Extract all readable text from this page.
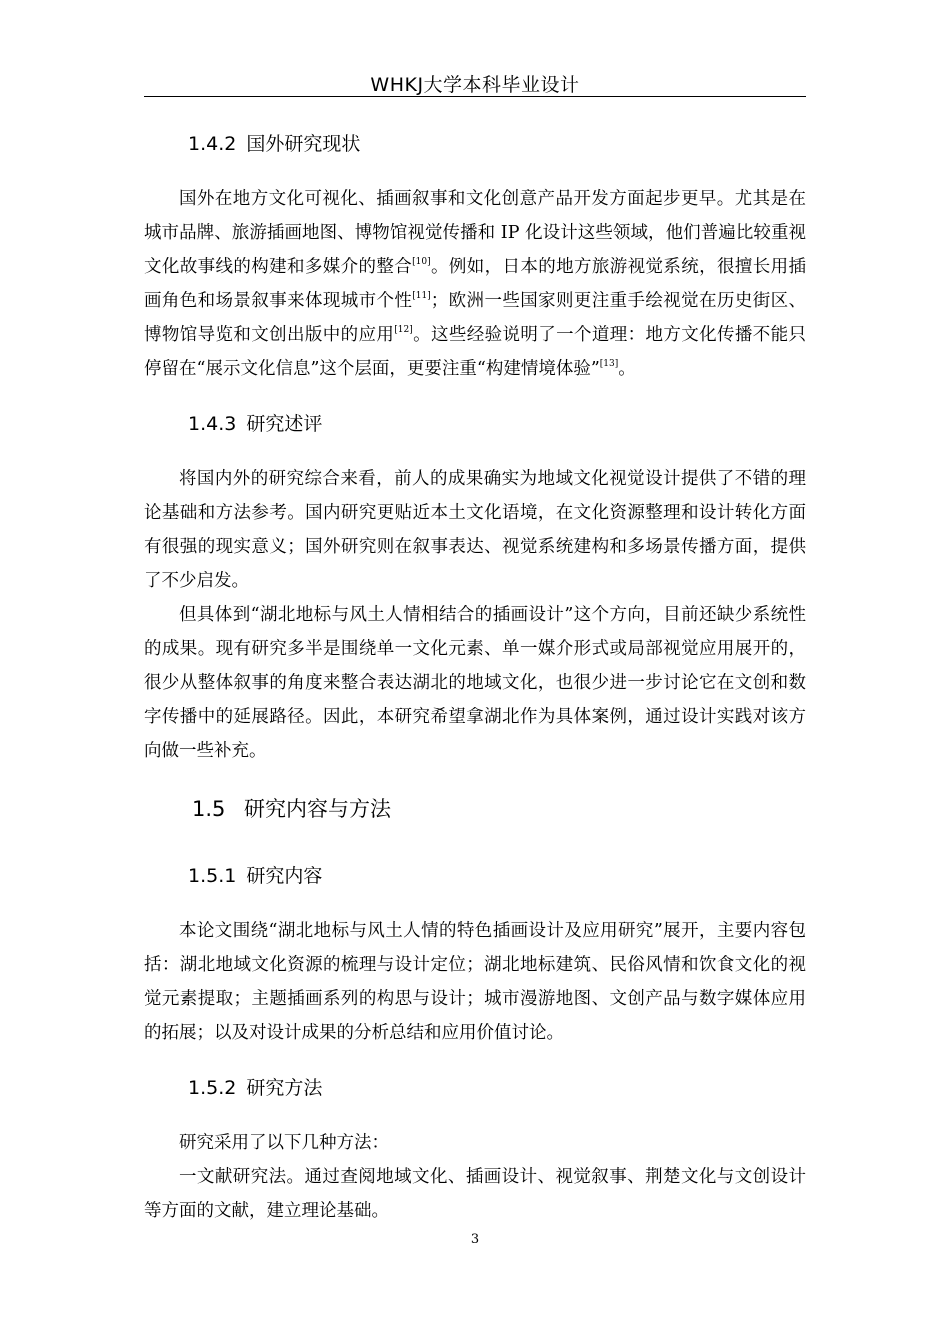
WHKJ大学本科毕业设计
1.4.2 国外研究现状

国外在地方文化可视化、插画叙事和文化创意产品开发方面起步更早。尤其是在城市品牌、旅游插画地图、博物馆视觉传播和 IP 化设计这些领域，他们普遍比较重视文化故事线的构建和多媒介的整合[10]。例如，日本的地方旅游视觉系统，很擅长用插画角色和场景叙事来体现城市个性[11]；欧洲一些国家则更注重手绘视觉在历史街区、博物馆导览和文创出版中的应用[12]。这些经验说明了一个道理：地方文化传播不能只停留在“展示文化信息”这个层面，更要注重“构建情境体验”[13]。

1.4.3 研究述评

将国内外的研究综合来看，前人的成果确实为地域文化视觉设计提供了不错的理论基础和方法参考。国内研究更贴近本土文化语境，在文化资源整理和设计转化方面有很强的现实意义；国外研究则在叙事表达、视觉系统建构和多场景传播方面，提供了不少启发。

但具体到“湖北地标与风土人情相结合的插画设计”这个方向，目前还缺少系统性的成果。现有研究多半是围绕单一文化元素、单一媒介形式或局部视觉应用展开的，很少从整体叙事的角度来整合表达湖北的地域文化，也很少进一步讨论它在文创和数字传播中的延展路径。因此，本研究希望拿湖北作为具体案例，通过设计实践对该方向做一些补充。

1.5 研究内容与方法
1.5.1 研究内容

本论文围绕“湖北地标与风土人情的特色插画设计及应用研究”展开，主要内容包括：湖北地域文化资源的梳理与设计定位；湖北地标建筑、民俗风情和饮食文化的视觉元素提取；主题插画系列的构思与设计；城市漫游地图、文创产品与数字媒体应用的拓展；以及对设计成果的分析总结和应用价值讨论。

1.5.2 研究方法

研究采用了以下几种方法：

一文献研究法。通过查阅地域文化、插画设计、视觉叙事、荆楚文化与文创设计等方面的文献，建立理论基础。

3
